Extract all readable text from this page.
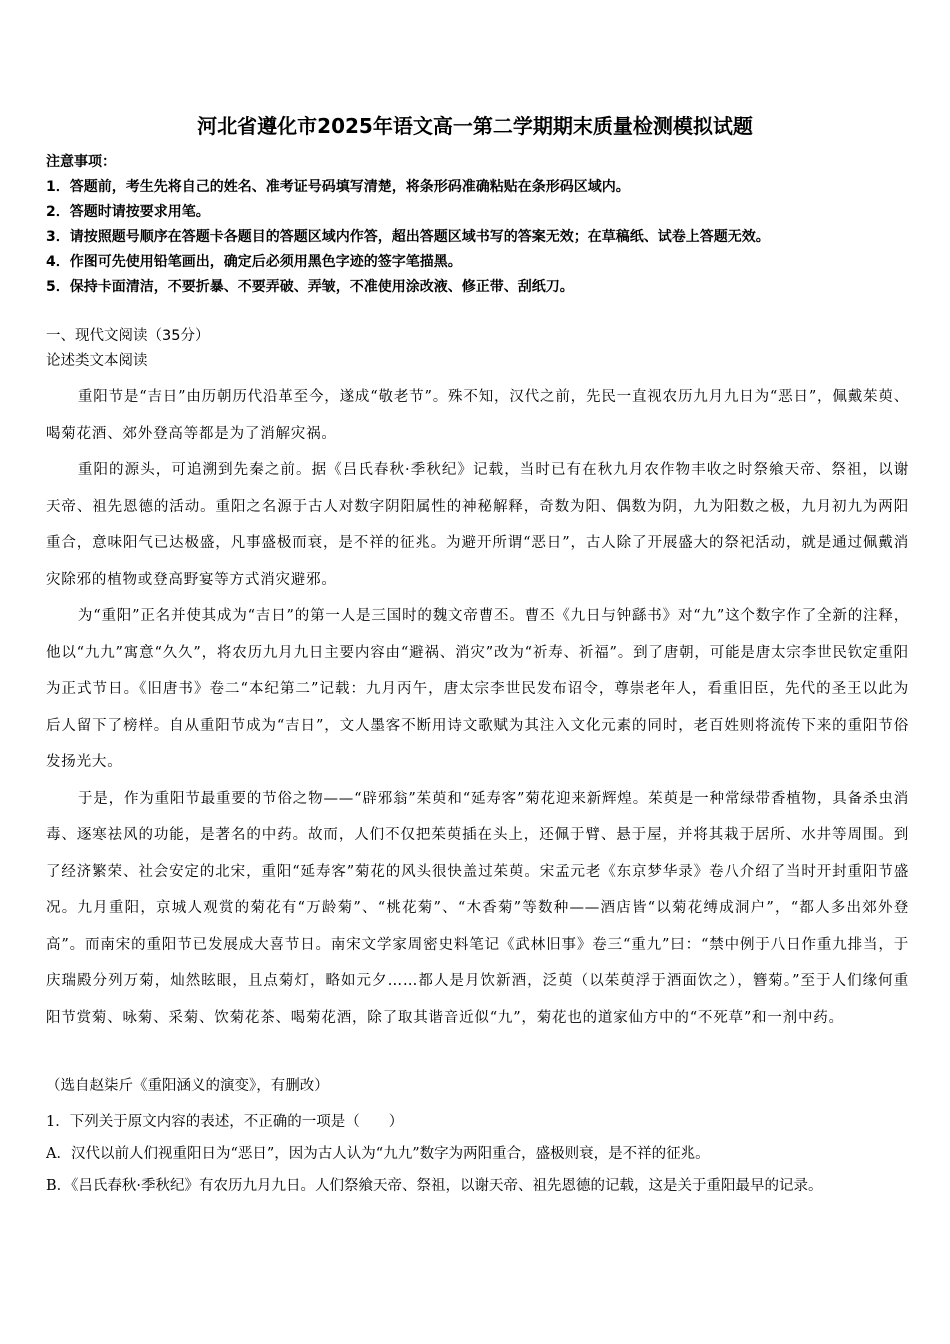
河北省遵化市2025年语文高一第二学期期末质量检测模拟试题
注意事项：
1．答题前，考生先将自己的姓名、准考证号码填写清楚，将条形码准确粘贴在条形码区域内。
2．答题时请按要求用笔。
3．请按照题号顺序在答题卡各题目的答题区域内作答，超出答题区域书写的答案无效；在草稿纸、试卷上答题无效。
4．作图可先使用铅笔画出，确定后必须用黑色字迹的签字笔描黑。
5．保持卡面清洁，不要折暴、不要弄破、弄皱，不准使用涂改液、修正带、刮纸刀。
一、现代文阅读（35分）
论述类文本阅读

重阳节是“吉日”由历朝历代沿革至今，遂成“敬老节”。殊不知，汉代之前，先民一直视农历九月九日为“恶日”，佩戴茱萸、喝菊花酒、郊外登高等都是为了消解灾祸。

重阳的源头，可追溯到先秦之前。据《吕氏春秋·季秋纪》记载，当时已有在秋九月农作物丰收之时祭飨天帝、祭祖，以谢天帝、祖先恩德的活动。重阳之名源于古人对数字阴阳属性的神秘解释，奇数为阳、偶数为阴，九为阳数之极，九月初九为两阳重合，意味阳气已达极盛，凡事盛极而衰，是不祥的征兆。为避开所谓“恶日”，古人除了开展盛大的祭祀活动，就是通过佩戴消灾除邪的植物或登高野宴等方式消灾避邪。

为“重阳”正名并使其成为“吉日”的第一人是三国时的魏文帝曹丕。曹丕《九日与钟繇书》对“九”这个数字作了全新的注释，他以“九九”寓意“久久”，将农历九月九日主要内容由“避祸、消灾”改为“祈寿、祈福”。到了唐朝，可能是唐太宗李世民钦定重阳为正式节日。《旧唐书》卷二“本纪第二”记载：九月丙午，唐太宗李世民发布诏令，尊崇老年人，看重旧臣，先代的圣王以此为后人留下了榜样。自从重阳节成为“吉日”，文人墨客不断用诗文歌赋为其注入文化元素的同时，老百姓则将流传下来的重阳节俗发扬光大。

于是，作为重阳节最重要的节俗之物——“辟邪翁”茱萸和“延寿客”菊花迎来新辉煌。茱萸是一种常绿带香植物，具备杀虫消毒、逐寒祛风的功能，是著名的中药。故而，人们不仅把茱萸插在头上，还佩于臂、悬于屋，并将其栽于居所、水井等周围。到了经济繁荣、社会安定的北宋，重阳“延寿客”菊花的风头很快盖过茱萸。宋孟元老《东京梦华录》卷八介绍了当时开封重阳节盛况。九月重阳，京城人观赏的菊花有“万龄菊”、“桃花菊”、“木香菊”等数种——酒店皆“以菊花缚成洞户”，“都人多出郊外登高”。而南宋的重阳节已发展成大喜节日。南宋文学家周密史料笔记《武林旧事》卷三“重九”曰：“禁中例于八日作重九排当，于庆瑞殿分列万菊，灿然眩眼，且点菊灯，略如元夕……都人是月饮新酒，泛萸（以茱萸浮于酒面饮之），簪菊。”至于人们缘何重阳节赏菊、咏菊、采菊、饮菊花茶、喝菊花酒，除了取其谐音近似“九”，菊花也的道家仙方中的“不死草”和一剂中药。

（选自赵柒斤《重阳涵义的演变》，有删改）
1．下列关于原文内容的表述，不正确的一项是（　　）
A．汉代以前人们视重阳日为“恶日”，因为古人认为“九九”数字为两阳重合，盛极则衰，是不祥的征兆。
B．《吕氏春秋·季秋纪》有农历九月九日。人们祭飨天帝、祭祖，以谢天帝、祖先恩德的记载，这是关于重阳最早的记录。
